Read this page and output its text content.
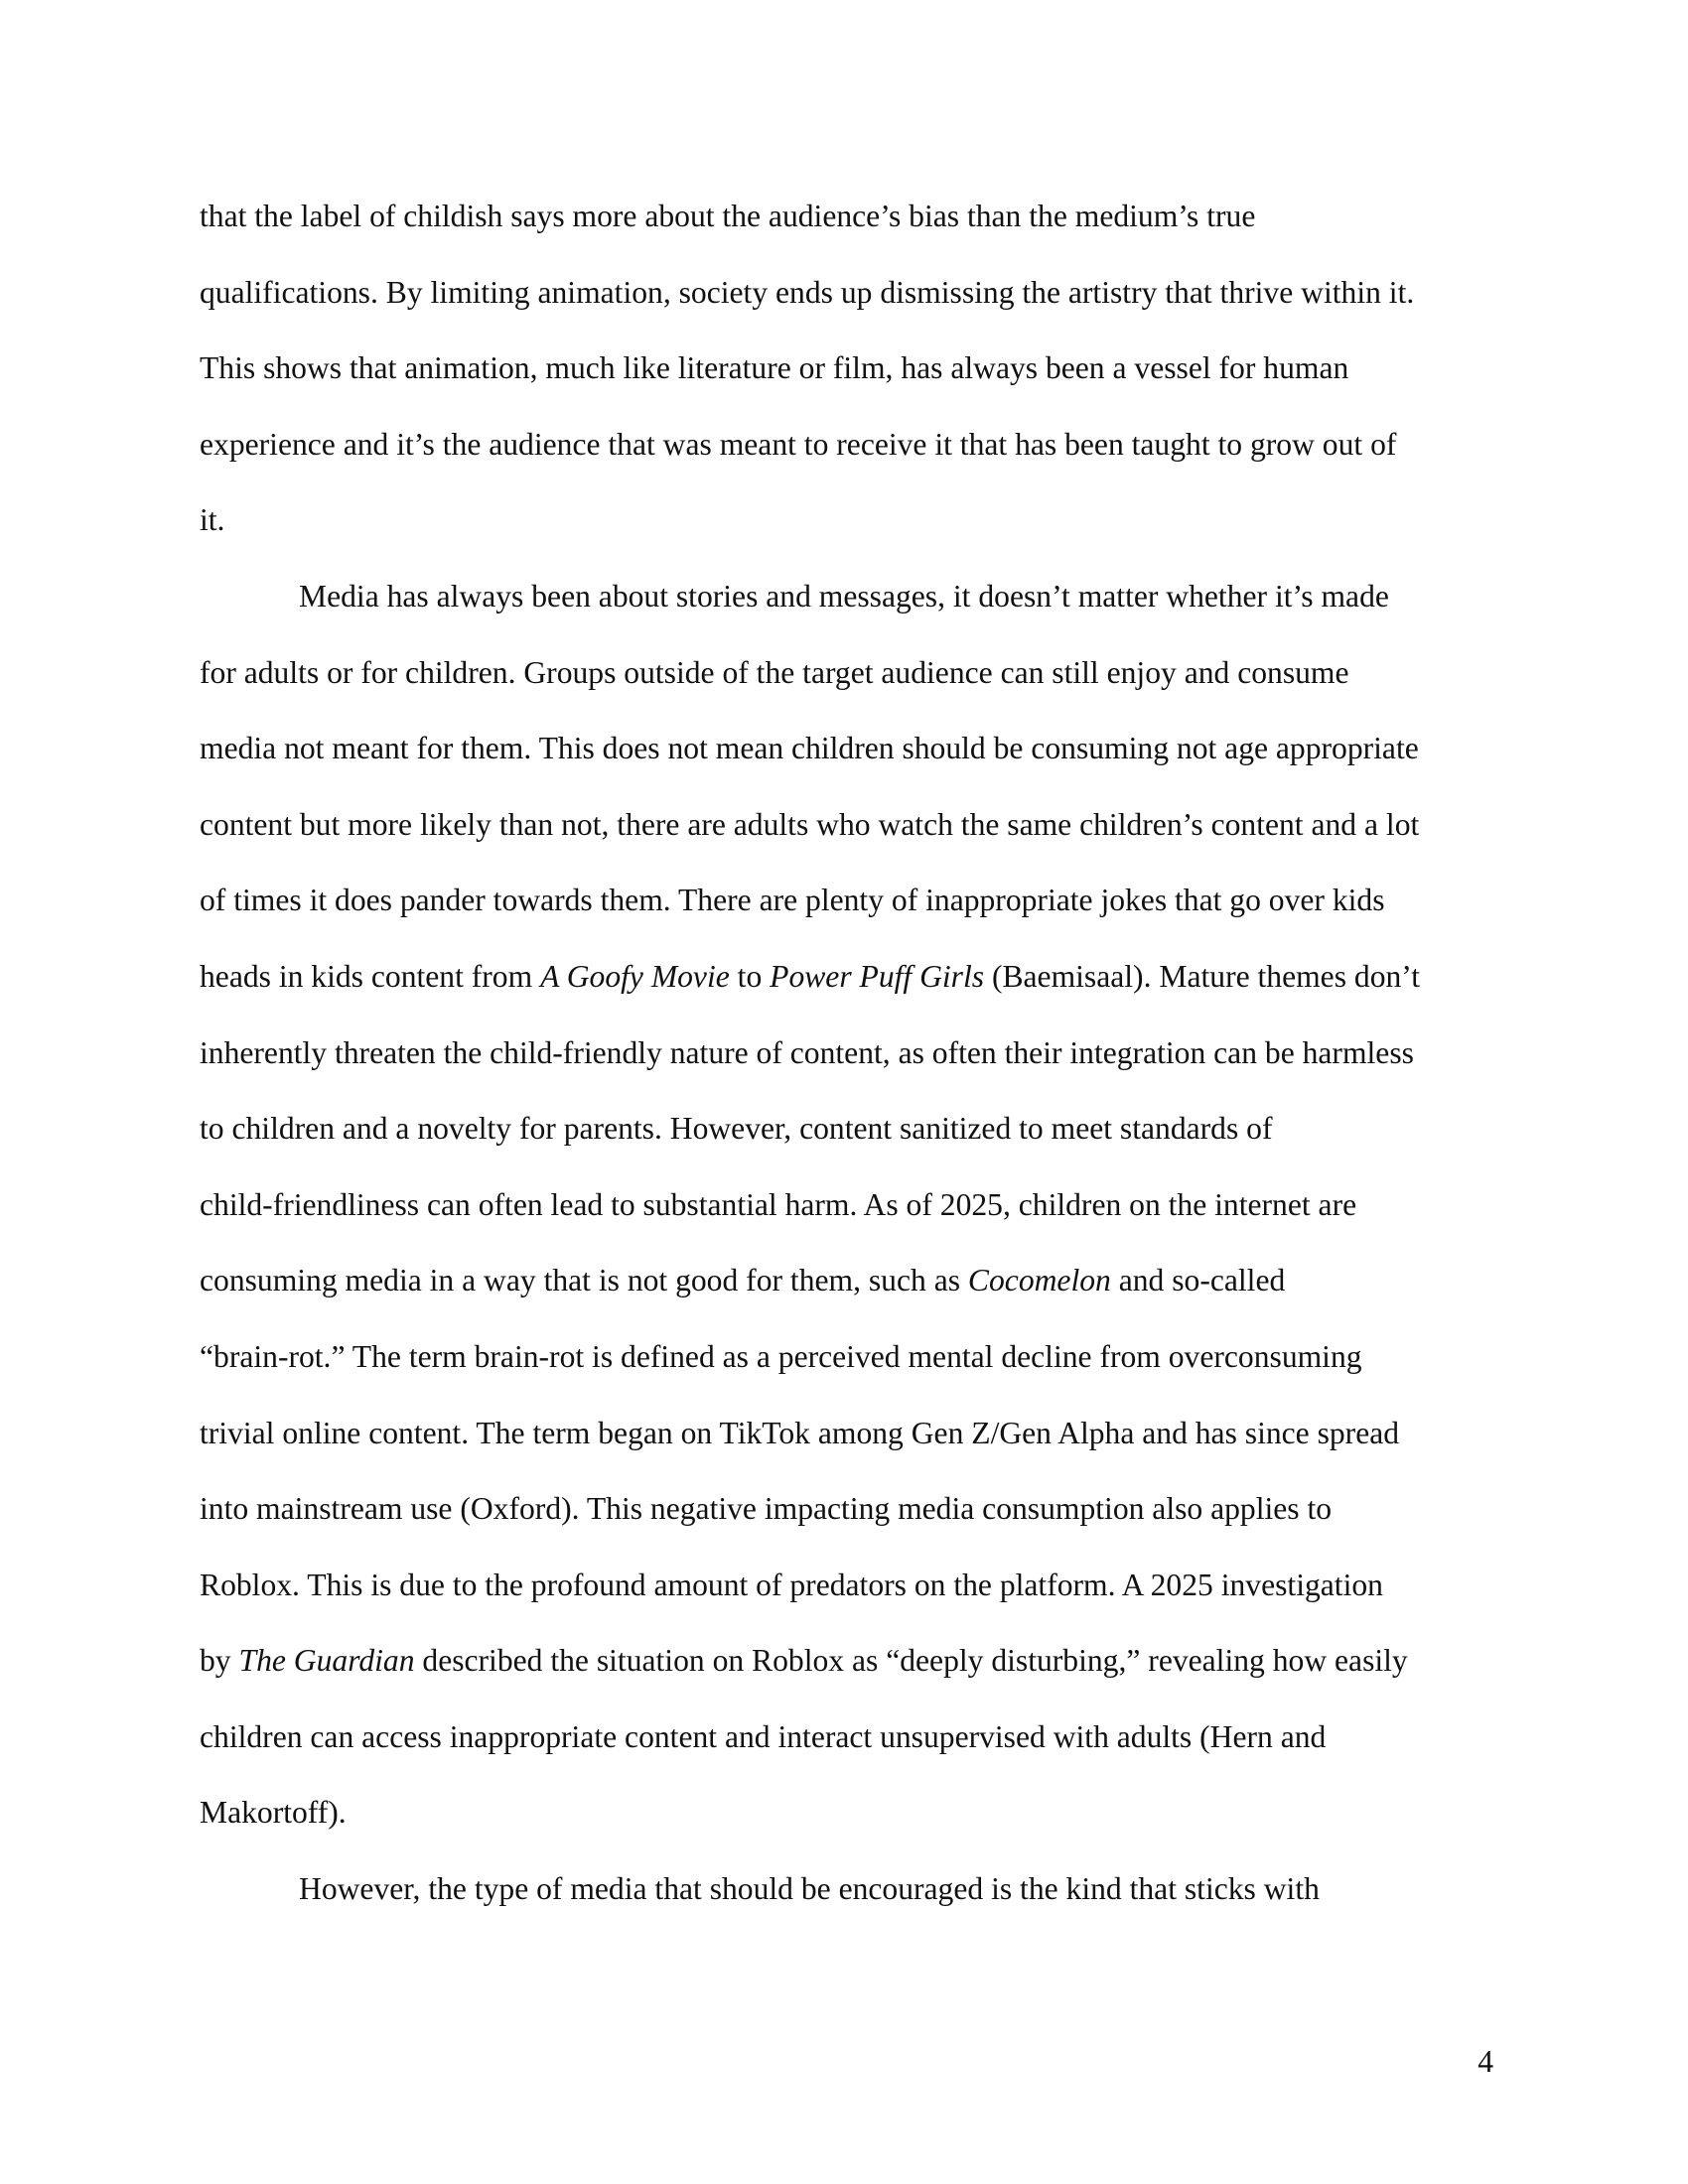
that the label of childish says more about the audience’s bias than the medium’s true
qualifications. By limiting animation, society ends up dismissing the artistry that thrive within it.
This shows that animation, much like literature or film, has always been a vessel for human
experience and it’s the audience that was meant to receive it that has been taught to grow out of
it.
Media has always been about stories and messages, it doesn’t matter whether it’s made
for adults or for children. Groups outside of the target audience can still enjoy and consume
media not meant for them. This does not mean children should be consuming not age appropriate
content but more likely than not, there are adults who watch the same children’s content and a lot
of times it does pander towards them. There are plenty of inappropriate jokes that go over kids
heads in kids content from A Goofy Movie to Power Puff Girls (Baemisaal). Mature themes don’t
inherently threaten the child-friendly nature of content, as often their integration can be harmless
to children and a novelty for parents. However, content sanitized to meet standards of
child-friendliness can often lead to substantial harm. As of 2025, children on the internet are
consuming media in a way that is not good for them, such as Cocomelon and so-called
“brain-rot.” The term brain-rot is defined as a perceived mental decline from overconsuming
trivial online content. The term began on TikTok among Gen Z/Gen Alpha and has since spread
into mainstream use (Oxford). This negative impacting media consumption also applies to
Roblox. This is due to the profound amount of predators on the platform. A 2025 investigation
by The Guardian described the situation on Roblox as “deeply disturbing,” revealing how easily
children can access inappropriate content and interact unsupervised with adults (Hern and
Makortoff).
However, the type of media that should be encouraged is the kind that sticks with
4
